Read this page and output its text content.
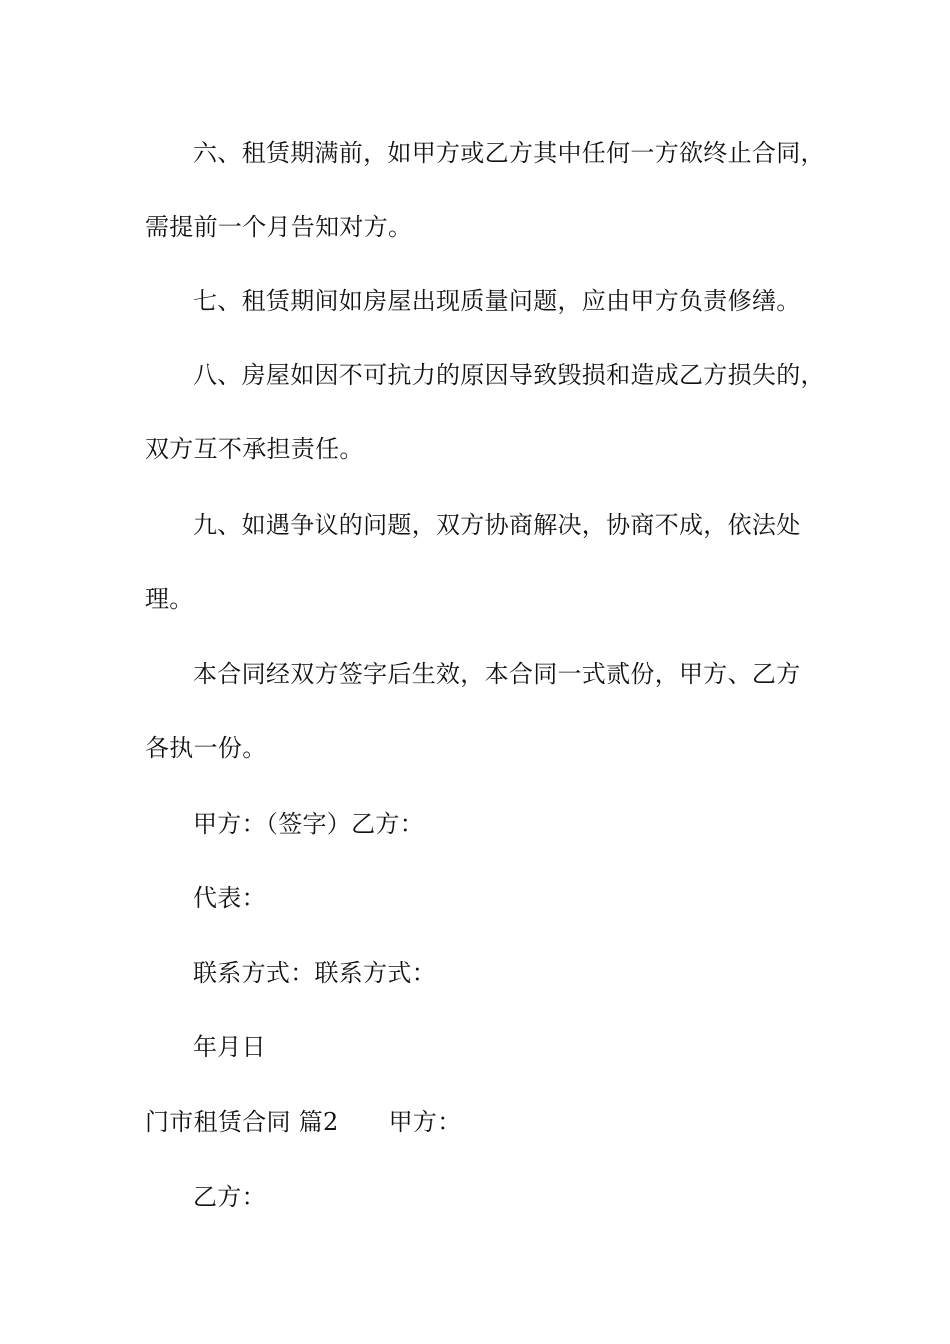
六、租赁期满前，如甲方或乙方其中任何一方欲终止合同，
需提前一个月告知对方。
七、租赁期间如房屋出现质量问题，应由甲方负责修缮。
八、房屋如因不可抗力的原因导致毁损和造成乙方损失的，
双方互不承担责任。
九、如遇争议的问题，双方协商解决，协商不成，依法处
理。
本合同经双方签字后生效，本合同一式贰份，甲方、乙方
各执一份。
甲方：（签字）乙方：
代表：
联系方式：联系方式：
年月日
门市租赁合同 篇2 甲方：
乙方：
